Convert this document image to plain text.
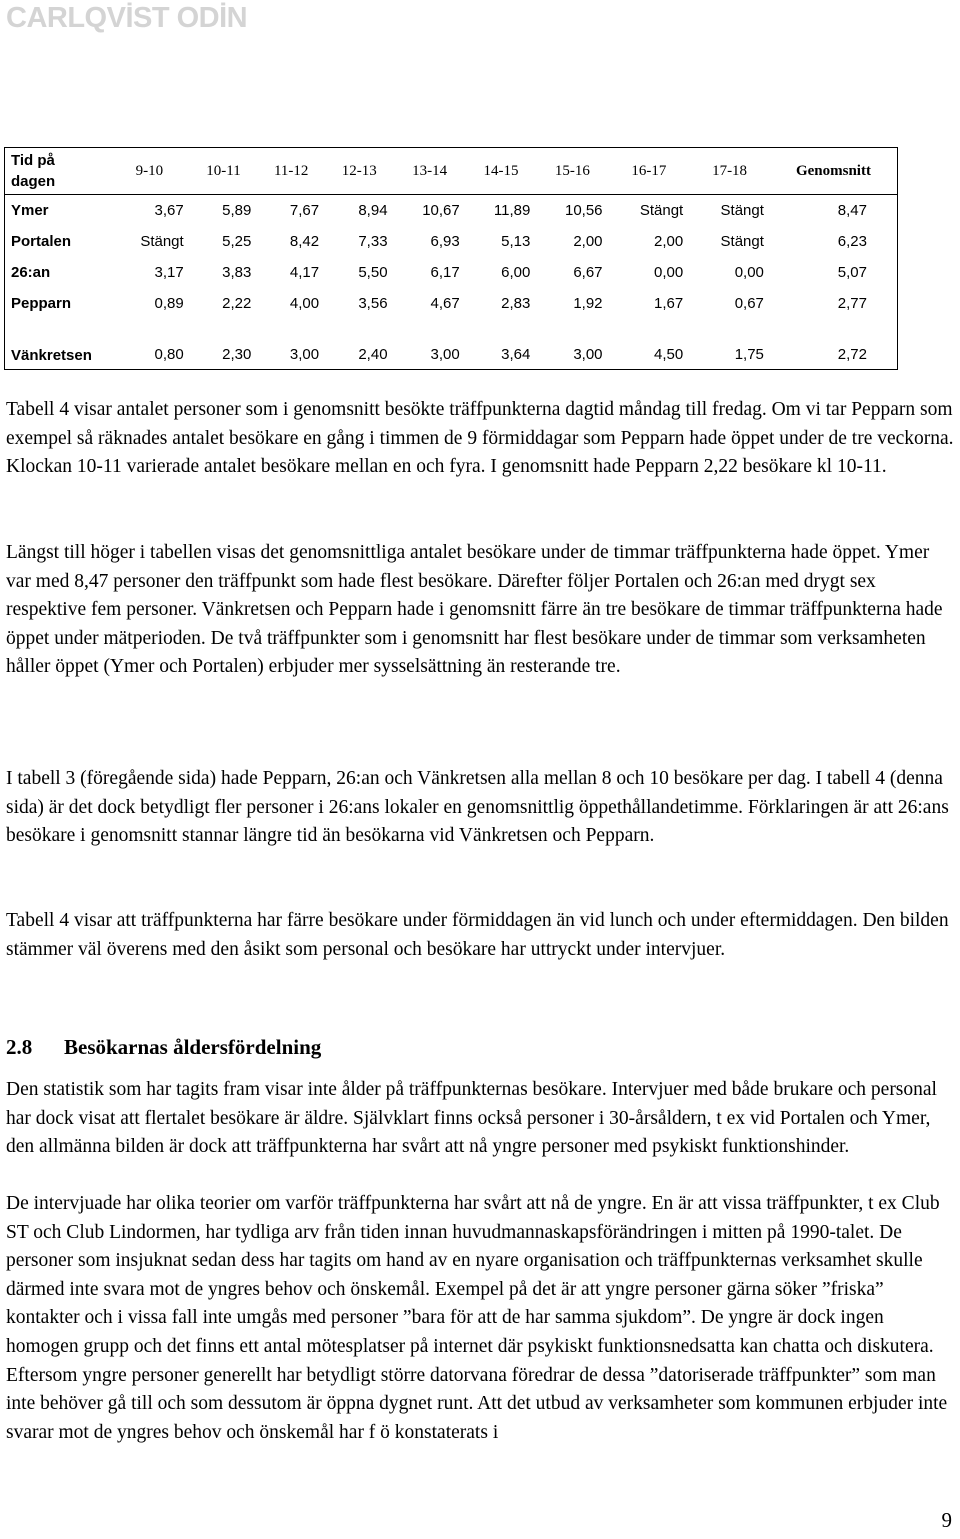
CARLQVİST ODİN
Tid på dagen	9-10	10-11	11-12	12-13	13-14	14-15	15-16	16-17	17-18	Genomsnitt
Ymer	3,67	5,89	7,67	8,94	10,67	11,89	10,56	Stängt	Stängt	8,47
Portalen	Stängt	5,25	8,42	7,33	6,93	5,13	2,00	2,00	Stängt	6,23
26:an	3,17	3,83	4,17	5,50	6,17	6,00	6,67	0,00	0,00	5,07
Pepparn	0,89	2,22	4,00	3,56	4,67	2,83	1,92	1,67	0,67	2,77
Vänkretsen	0,80	2,30	3,00	2,40	3,00	3,64	3,00	4,50	1,75	2,72

Tabell 4 visar antalet personer som i genomsnitt besökte träffpunkterna dagtid måndag till fredag. Om vi tar Pepparn som exempel så räknades antalet besökare en gång i timmen de 9 förmiddagar som Pepparn hade öppet under de tre veckorna. Klockan 10-11 varierade antalet besökare mellan en och fyra. I genomsnitt hade Pepparn 2,22 besökare kl 10-11.

Längst till höger i tabellen visas det genomsnittliga antalet besökare under de timmar träffpunkterna hade öppet. Ymer var med 8,47 personer den träffpunkt som hade flest besökare. Därefter följer Portalen och 26:an med drygt sex respektive fem personer. Vänkretsen och Pepparn hade i genomsnitt färre än tre besökare de timmar träffpunkterna hade öppet under mätperioden. De två träffpunkter som i genomsnitt har flest besökare under de timmar som verksamheten håller öppet (Ymer och Portalen) erbjuder mer sysselsättning än resterande tre.

I tabell 3 (föregående sida) hade Pepparn, 26:an och Vänkretsen alla mellan 8 och 10 besökare per dag. I tabell 4 (denna sida) är det dock betydligt fler personer i 26:ans lokaler en genomsnittlig öppethållandetimme. Förklaringen är att 26:ans besökare i genomsnitt stannar längre tid än besökarna vid Vänkretsen och Pepparn.

Tabell 4 visar att träffpunkterna har färre besökare under förmiddagen än vid lunch och under eftermiddagen. Den bilden stämmer väl överens med den åsikt som personal och besökare har uttryckt under intervjuer.

2.8 Besökarnas åldersfördelning

Den statistik som har tagits fram visar inte ålder på träffpunkternas besökare. Intervjuer med både brukare och personal har dock visat att flertalet besökare är äldre. Självklart finns också personer i 30-årsåldern, t ex vid Portalen och Ymer, den allmänna bilden är dock att träffpunkterna har svårt att nå yngre personer med psykiskt funktionshinder.

De intervjuade har olika teorier om varför träffpunkterna har svårt att nå de yngre. En är att vissa träffpunkter, t ex Club ST och Club Lindormen, har tydliga arv från tiden innan huvudmannaskapsförändringen i mitten på 1990-talet. De personer som insjuknat sedan dess har tagits om hand av en nyare organisation och träffpunkternas verksamhet skulle därmed inte svara mot de yngres behov och önskemål. Exempel på det är att yngre personer gärna söker ”friska” kontakter och i vissa fall inte umgås med personer ”bara för att de har samma sjukdom”. De yngre är dock ingen homogen grupp och det finns ett antal mötesplatser på internet där psykiskt funktionsnedsatta kan chatta och diskutera. Eftersom yngre personer generellt har betydligt större datorvana föredrar de dessa ”datoriserade träffpunkter” som man inte behöver gå till och som dessutom är öppna dygnet runt. Att det utbud av verksamheter som kommunen erbjuder inte svarar mot de yngres behov och önskemål har f ö konstaterats i

9
